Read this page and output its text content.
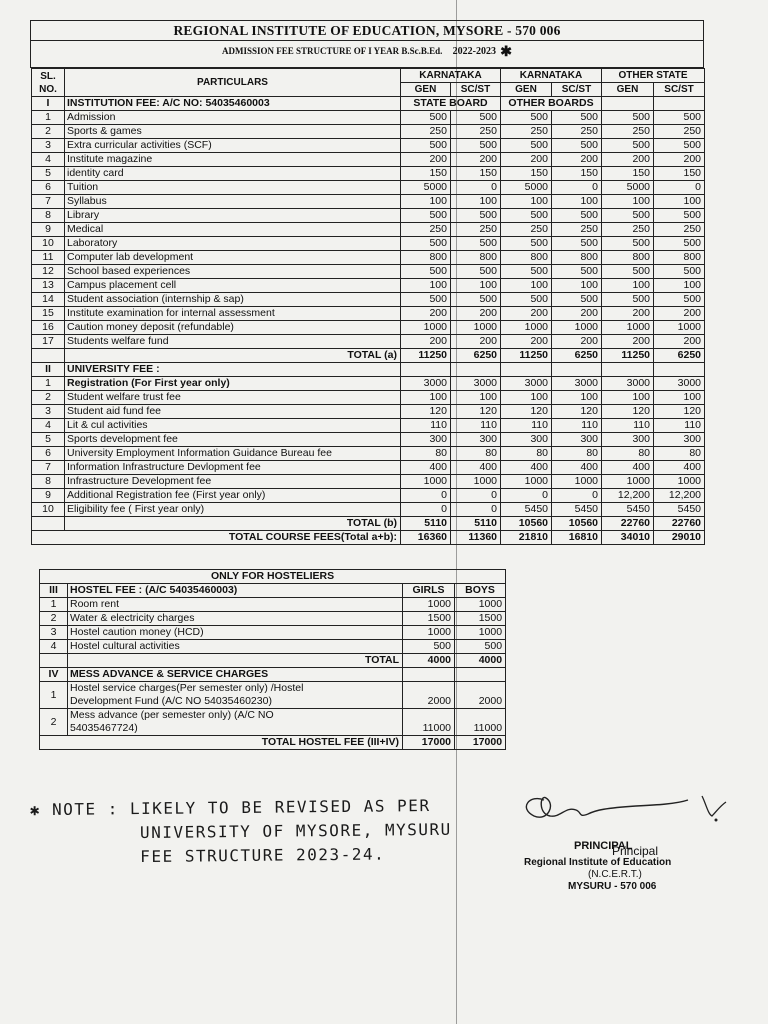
REGIONAL INSTITUTE OF EDUCATION, MYSORE - 570 006
ADMISSION FEE STRUCTURE OF I YEAR B.Sc.B.Ed. 2022-2023 ✱
SL. NO.	PARTICULARS	KARNATAKA		KARNATAKA		OTHER STATE	
		GEN	SC/ST	GEN	SC/ST	GEN	SC/ST
I	INSTITUTION FEE: A/C NO: 54035460003	STATE BOARD		OTHER BOARDS			
1	Admission	500	500	500	500	500	500
2	Sports & games	250	250	250	250	250	250
3	Extra curricular activities (SCF)	500	500	500	500	500	500
4	Institute magazine	200	200	200	200	200	200
5	identity card	150	150	150	150	150	150
6	Tuition	5000	0	5000	0	5000	0
7	Syllabus	100	100	100	100	100	100
8	Library	500	500	500	500	500	500
9	Medical	250	250	250	250	250	250
10	Laboratory	500	500	500	500	500	500
11	Computer lab development	800	800	800	800	800	800
12	School based experiences	500	500	500	500	500	500
13	Campus placement cell	100	100	100	100	100	100
14	Student association (internship & sap)	500	500	500	500	500	500
15	Institute examination for internal assessment	200	200	200	200	200	200
16	Caution money deposit (refundable)	1000	1000	1000	1000	1000	1000
17	Students welfare fund	200	200	200	200	200	200
	TOTAL (a)	11250	6250	11250	6250	11250	6250
II	UNIVERSITY FEE :						
1	Registration (For First year only)	3000	3000	3000	3000	3000	3000
2	Student welfare trust fee	100	100	100	100	100	100
3	Student aid fund fee	120	120	120	120	120	120
4	Lit & cul activities	110	110	110	110	110	110
5	Sports development fee	300	300	300	300	300	300
6	University Employment Information Guidance Bureau fee	80	80	80	80	80	80
7	Information Infrastructure Devlopment fee	400	400	400	400	400	400
8	Infrastructure Development fee	1000	1000	1000	1000	1000	1000
9	Additional Registration fee (First year only)	0	0	0	0	12,200	12,200
10	Eligibility fee ( First year only)	0	0	5450	5450	5450	5450
	TOTAL (b)	5110	5110	10560	10560	22760	22760
TOTAL COURSE FEES(Total a+b):		16360	11360	21810	16810	34010	29010
ONLY FOR HOSTELIERS			
III	HOSTEL FEE : (A/C 54035460003)	GIRLS	BOYS
1	Room rent	1000	1000
2	Water & electricity charges	1500	1500
3	Hostel caution money (HCD)	1000	1000
4	Hostel cultural activities	500	500
	TOTAL	4000	4000
IV	MESS ADVANCE & SERVICE CHARGES		
1	Hostel service charges(Per semester only) /Hostel
Development Fund (A/C NO 54035460230)	2000	2000
2	Mess advance (per semester only) (A/C NO
54035467724)	11000	11000
TOTAL HOSTEL FEE (III+IV)		17000	17000
✱ NOTE : LIKELY TO BE REVISED AS PER
UNIVERSITY OF MYSORE, MYSURU
FEE STRUCTURE 2023-24.	PRINCIPAL
Principal
Regional Institute of Education
(N.C.E.R.T.)
MYSURU - 570 006
